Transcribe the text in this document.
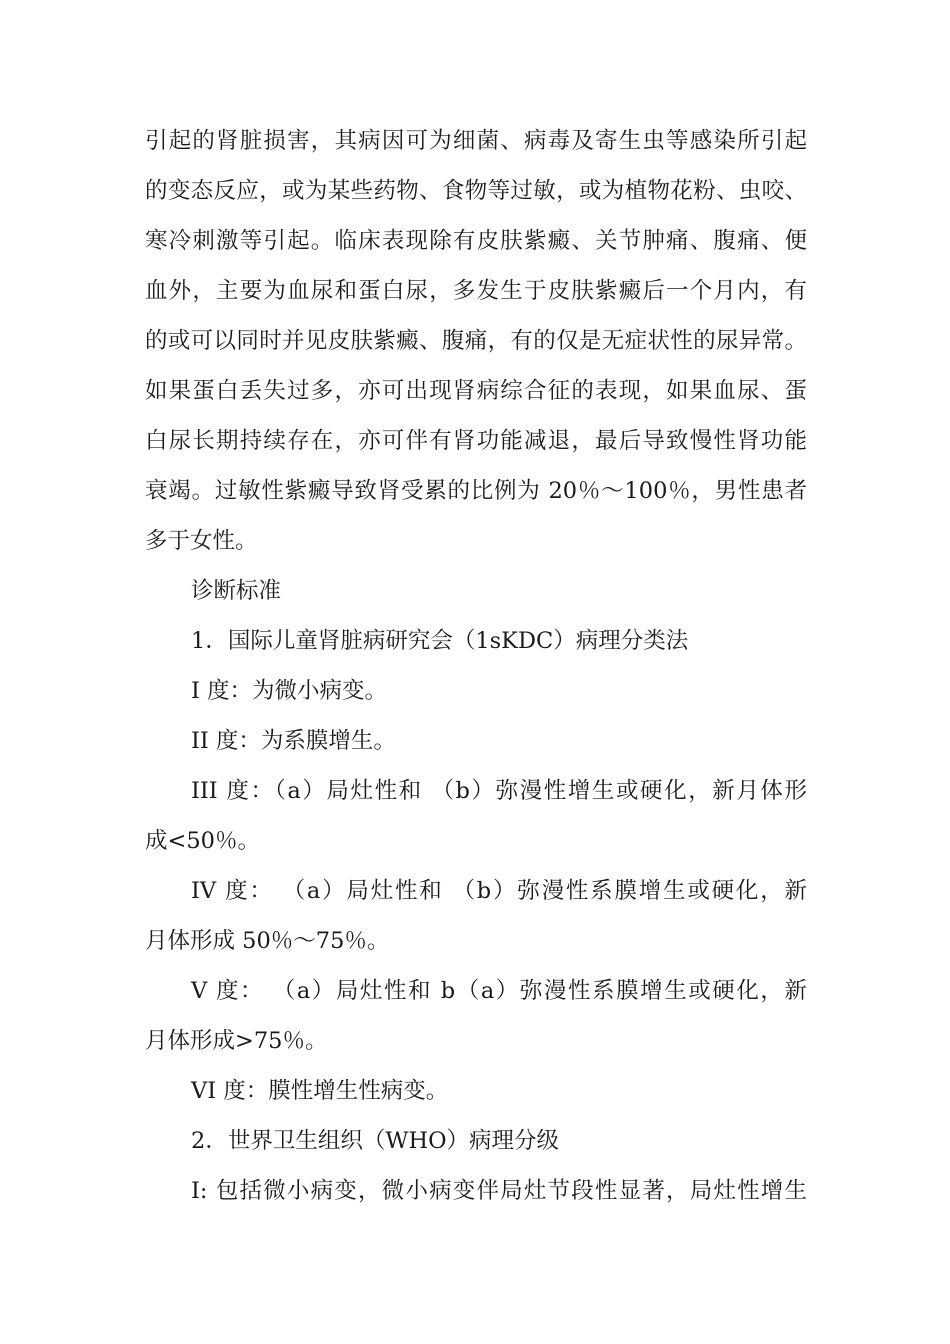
引起的肾脏损害，其病因可为细菌、病毒及寄生虫等感染所引起
的变态反应，或为某些药物、食物等过敏，或为植物花粉、虫咬、
寒冷刺激等引起。临床表现除有皮肤紫癜、关节肿痛、腹痛、便
血外，主要为血尿和蛋白尿，多发生于皮肤紫癜后一个月内，有
的或可以同时并见皮肤紫癜、腹痛，有的仅是无症状性的尿异常。
如果蛋白丢失过多，亦可出现肾病综合征的表现，如果血尿、蛋
白尿长期持续存在，亦可伴有肾功能减退，最后导致慢性肾功能
衰竭。过敏性紫癜导致肾受累的比例为 20％～100％，男性患者
多于女性。
诊断标准
1．国际儿童肾脏病研究会（1sKDC）病理分类法
I 度：为微小病变。
II 度：为系膜增生。
III 度：（a）局灶性和 （b）弥漫性增生或硬化，新月体形
成<50％。
IV 度： （a）局灶性和 （b）弥漫性系膜增生或硬化，新
月体形成 50％～75％。
V 度： （a）局灶性和 b（a）弥漫性系膜增生或硬化，新
月体形成>75％。
VI 度：膜性增生性病变。
2．世界卫生组织（WHO）病理分级
I: 包括微小病变，微小病变伴局灶节段性显著，局灶性增生
